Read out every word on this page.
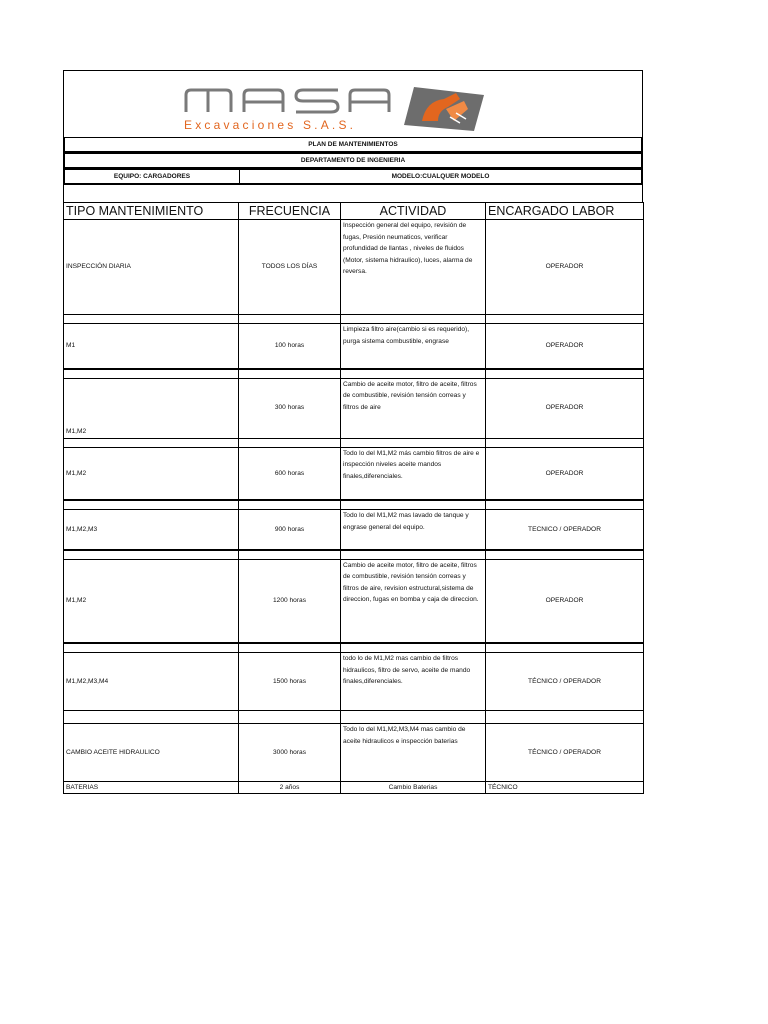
Excavaciones S.A.S.
PLAN DE MANTENIMIENTOS
DEPARTAMENTO DE INGENIERIA
EQUIPO: CARGADORES	MODELO:CUALQUER MODELO
TIPO MANTENIMIENTO	FRECUENCIA	ACTIVIDAD	ENCARGADO LABOR
INSPECCIÓN DIARIA	TODOS LOS DÍAS	Inspección general del equipo, revisión de fugas, Presión neumaticos, verificar profundidad de llantas , niveles de fluidos (Motor, sistema hidraulico), luces, alarma de reversa.	OPERADOR

M1	100 horas	Limpieza filtro aire(cambio si es requerido), purga sistema combustible, engrase	OPERADOR

M1,M2	300 horas	Cambio de aceite motor, filtro de aceite, filtros de combustible, revisión tensión correas y filtros de aire	OPERADOR

M1,M2	600 horas	Todo lo del M1,M2 más cambio filtros de aire e inspección niveles aceite mandos finales,diferenciales.	OPERADOR

M1,M2,M3	900 horas	Todo lo del M1,M2 mas lavado de tanque y engrase general del equipo.	TECNICO / OPERADOR

M1,M2	1200 horas	Cambio de aceite motor, filtro de aceite, filtros de combustible, revisión tensión correas y filtros de aire, revision estructural,sistema de direccion, fugas en bomba y caja de direccion.	OPERADOR

M1,M2,M3,M4	1500 horas	todo lo de M1,M2 mas cambio de filtros hidraulicos, filtro de servo, aceite de mando finales,diferenciales.	TÉCNICO / OPERADOR

CAMBIO ACEITE HIDRAULICO	3000 horas	Todo lo del M1,M2,M3,M4 mas cambio de aceite hidraulicos e inspección baterias	TÉCNICO / OPERADOR
BATERIAS	2 años	Cambio Baterias	TÉCNICO
